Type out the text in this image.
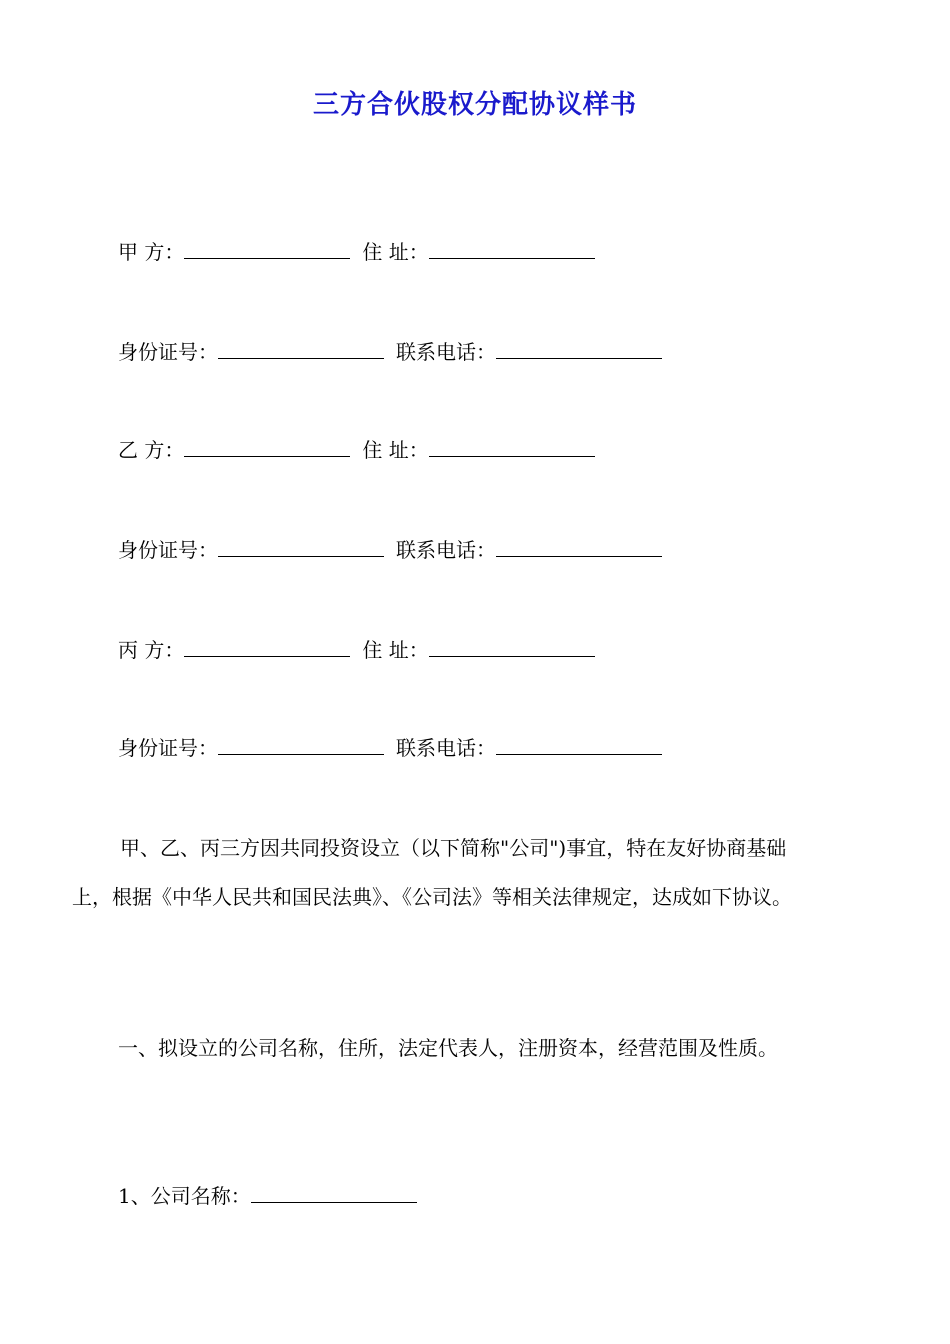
三方合伙股权分配协议样书
甲 方：	住 址：
身份证号：	联系电话：
乙 方：	住 址：
身份证号：	联系电话：
丙 方：	住 址：
身份证号：	联系电话：
甲、乙、丙三方因共同投资设立（以下简称"公司")事宜，特在友好协商基础
上，根据《中华人民共和国民法典》、《公司法》等相关法律规定，达成如下协议。
一、拟设立的公司名称，住所，法定代表人，注册资本，经营范围及性质。
1、公司名称：
